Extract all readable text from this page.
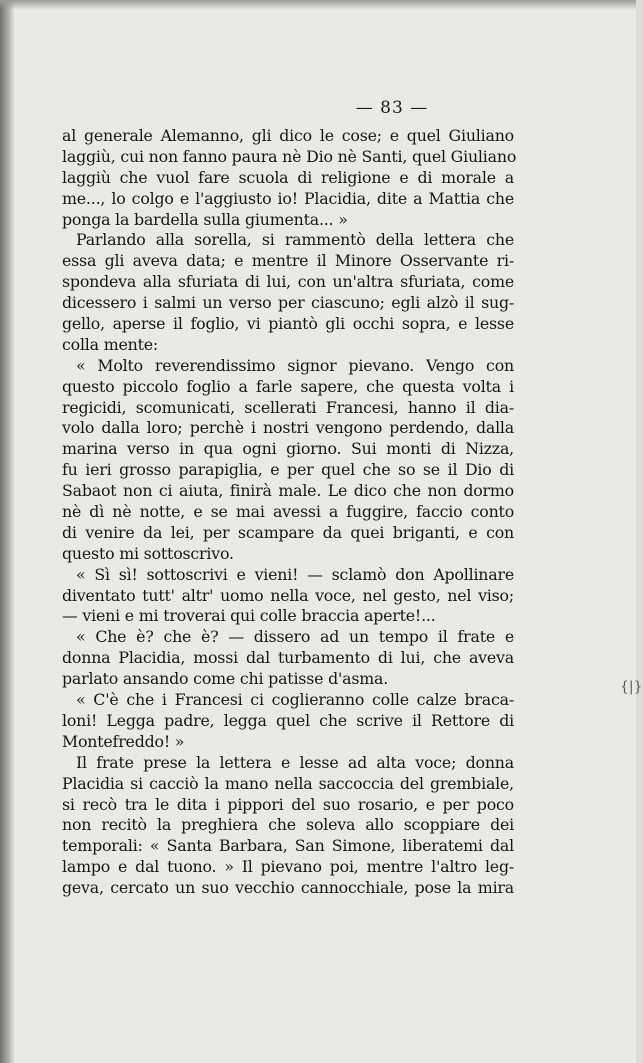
— 83 —
al generale Alemanno, gli dico le cose; e quel Giuliano
laggiù, cui non fanno paura nè Dio nè Santi, quel Giuliano
laggiù che vuol fare scuola di religione e di morale a
me..., lo colgo e l'aggiusto io! Placidia, dite a Mattia che
ponga la bardella sulla giumenta... »
Parlando alla sorella, si rammentò della lettera che
essa gli aveva data; e mentre il Minore Osservante ri-
spondeva alla sfuriata di lui, con un'altra sfuriata, come
dicessero i salmi un verso per ciascuno; egli alzò il sug-
gello, aperse il foglio, vi piantò gli occhi sopra, e lesse
colla mente:
« Molto reverendissimo signor pievano. Vengo con
questo piccolo foglio a farle sapere, che questa volta i
regicidi, scomunicati, scellerati Francesi, hanno il dia-
volo dalla loro; perchè i nostri vengono perdendo, dalla
marina verso in qua ogni giorno. Sui monti di Nizza,
fu ieri grosso parapiglia, e per quel che so se il Dio di
Sabaot non ci aiuta, finirà male. Le dico che non dormo
nè dì nè notte, e se mai avessi a fuggire, faccio conto
di venire da lei, per scampare da quei briganti, e con
questo mi sottoscrivo.
« Sì sì! sottoscrivi e vieni! — sclamò don Apollinare
diventato tutt' altr' uomo nella voce, nel gesto, nel viso;
— vieni e mi troverai qui colle braccia aperte!...
« Che è? che è? — dissero ad un tempo il frate e
donna Placidia, mossi dal turbamento di lui, che aveva
parlato ansando come chi patisse d'asma.
« C'è che i Francesi ci coglieranno colle calze braca-
loni! Legga padre, legga quel che scrive il Rettore di
Montefreddo! »
Il frate prese la lettera e lesse ad alta voce; donna
Placidia si cacciò la mano nella saccoccia del grembiale,
si recò tra le dita i pippori del suo rosario, e per poco
non recitò la preghiera che soleva allo scoppiare dei
temporali: « Santa Barbara, San Simone, liberatemi dal
lampo e dal tuono. » Il pievano poi, mentre l'altro leg-
geva, cercato un suo vecchio cannocchiale, pose la mira
{|}
